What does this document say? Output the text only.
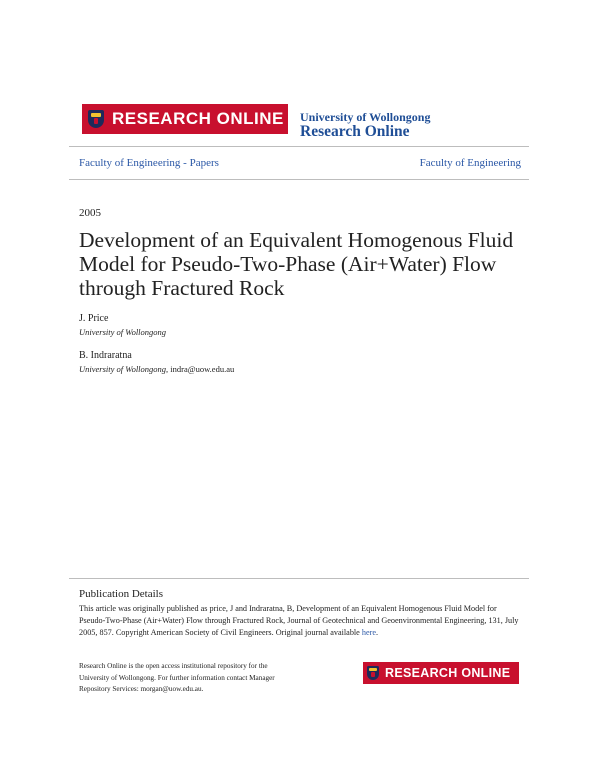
RESEARCH ONLINE University of Wollongong
Research Online
Faculty of Engineering - Papers	Faculty of Engineering
2005
Development of an Equivalent Homogenous Fluid Model for Pseudo-Two-Phase (Air+Water) Flow through Fractured Rock
J. Price
University of Wollongong
B. Indraratna
University of Wollongong, indra@uow.edu.au
Publication Details
This article was originally published as price, J and Indraratna, B, Development of an Equivalent Homogenous Fluid Model for Pseudo-Two-Phase (Air+Water) Flow through Fractured Rock, Journal of Geotechnical and Geoenvironmental Engineering, 131, July 2005, 857. Copyright American Society of Civil Engineers. Original journal available here.
Research Online is the open access institutional repository for the University of Wollongong. For further information contact Manager Repository Services: morgan@uow.edu.au.
RESEARCH ONLINE
